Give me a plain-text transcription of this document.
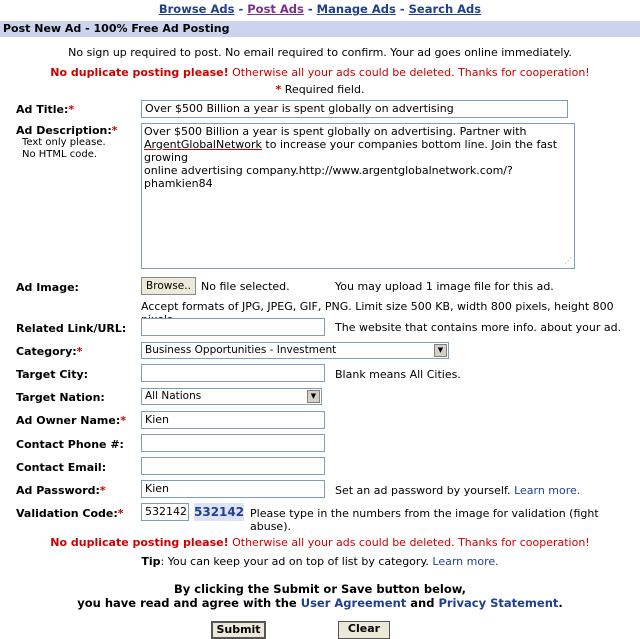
Browse Ads - Post Ads - Manage Ads - Search Ads
Post New Ad - 100% Free Ad Posting
No sign up required to post. No email required to confirm. Your ad goes online immediately.
No duplicate posting please! Otherwise all your ads could be deleted. Thanks for cooperation!
* Required field.
Ad Title:*	Over $500 Billion a year is spent globally on advertising
Ad Description:*
Text only please.
No HTML code.
Over $500 Billion a year is spent globally on advertising. Partner with
ArgentGlobalNetwork to increase your companies bottom line. Join the fast growing
online advertising company.http://www.argentglobalnetwork.com/?phamkien84
⋰
Ad Image:	Browse.. No file selected.	You may upload 1 image file for this ad.
Accept formats of JPG, JPEG, GIF, PNG. Limit size 500 KB, width 800 pixels, height 800
Related Link/URL:	The website that contains more info. about your ad.
Category:*	Business Opportunities - Investment	▼
Target City:	Blank means All Cities.
Target Nation:	All Nations	▼
Ad Owner Name:*	Kien
Contact Phone #:
Contact Email:
Ad Password:*	Kien	Set an ad password by yourself. Learn more.
Validation Code:*	532142 532142 Please type in the numbers from the image for validation (fight abuse).
No duplicate posting please! Otherwise all your ads could be deleted. Thanks for cooperation!
Tip: You can keep your ad on top of list by category. Learn more.
By clicking the Submit or Save button below,
you have read and agree with the User Agreement and Privacy Statement.
Submit	Clear
